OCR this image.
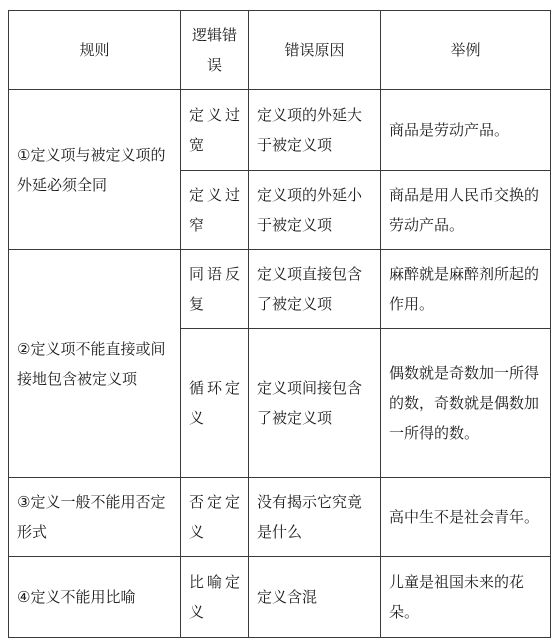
规则	逻辑错误	错误原因	举例
①定义项与被定义项的外延必须全同	定义过宽	定义项的外延大于被定义项	商品是劳动产品。
	定义过窄	定义项的外延小于被定义项	商品是用人民币交换的劳动产品。
②定义项不能直接或间接地包含被定义项	同语反复	定义项直接包含了被定义项	麻醉就是麻醉剂所起的作用。
	循环定义	定义项间接包含了被定义项	偶数就是奇数加一所得的数，奇数就是偶数加一所得的数。
③定义一般不能用否定形式	否定定义	没有揭示它究竟是什么	高中生不是社会青年。
④定义不能用比喻	比喻定义	定义含混	儿童是祖国未来的花朵。
